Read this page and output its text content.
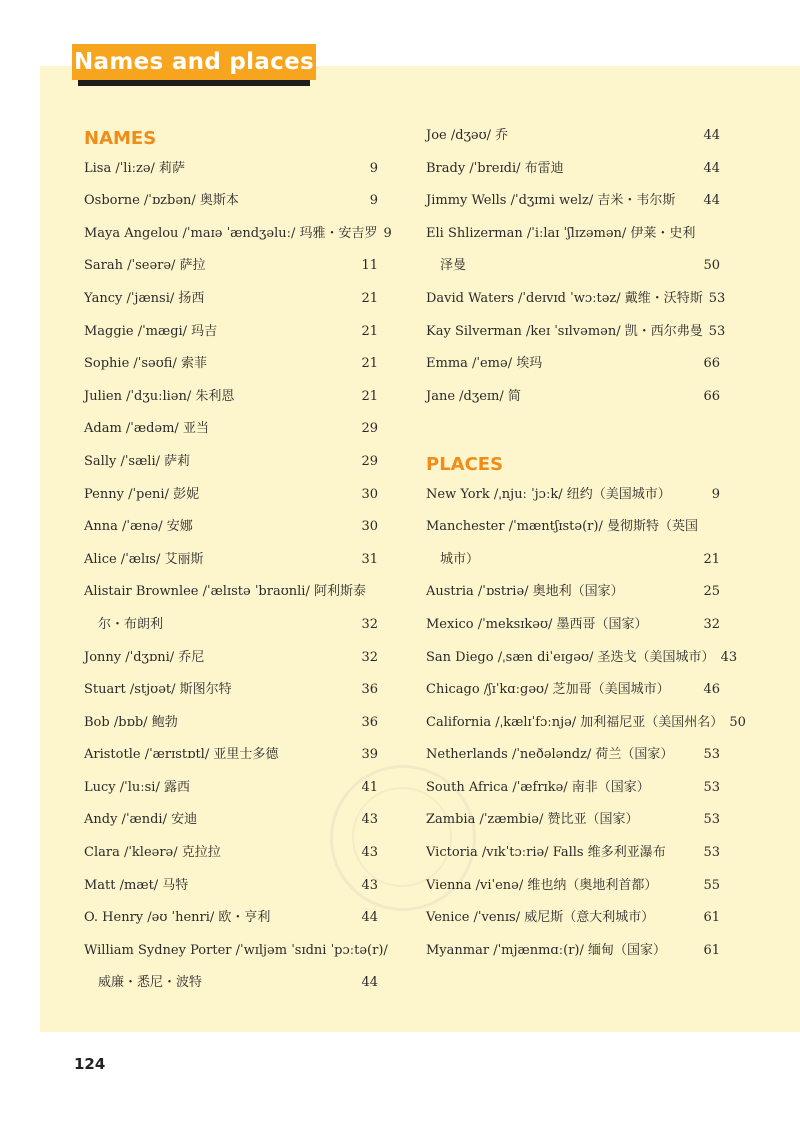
Names and places
NAMES
Lisa /ˈliːzə/ 莉萨	9
Osborne /ˈɒzbən/ 奥斯本	9
Maya Angelou /ˈmaɪə ˈændʒəluː/ 玛雅・安吉罗 9
Sarah /ˈseərə/ 萨拉	11
Yancy /ˈjænsi/ 扬西	21
Maggie /ˈmægi/ 玛吉	21
Sophie /ˈsəʊfi/ 索菲	21
Julien /ˈdʒuːliən/ 朱利恩	21
Adam /ˈædəm/ 亚当	29
Sally /ˈsæli/ 萨莉	29
Penny /ˈpeni/ 彭妮	30
Anna /ˈænə/ 安娜	30
Alice /ˈælɪs/ 艾丽斯	31
Alistair Brownlee /ˈælɪstə ˈbraʊnli/ 阿利斯泰
尔・布朗利	32
Jonny /ˈdʒɒni/ 乔尼	32
Stuart /stjʊət/ 斯图尔特	36
Bob /bɒb/ 鲍勃	36
Aristotle /ˈærɪstɒtl/ 亚里士多德	39
Lucy /ˈluːsi/ 露西	41
Andy /ˈændi/ 安迪	43
Clara /ˈkleərə/ 克拉拉	43
Matt /mæt/ 马特	43
O. Henry /əʊ ˈhenri/ 欧・亨利	44
William Sydney Porter /ˈwɪljəm ˈsɪdni ˈpɔːtə(r)/
威廉・悉尼・波特	44
Joe /dʒəʊ/ 乔	44
Brady /ˈbreɪdi/ 布雷迪	44
Jimmy Wells /ˈdʒɪmi welz/ 吉米・韦尔斯 44
Eli Shlizerman /ˈiːlaɪ ˈʃlɪzəmən/ 伊莱・史利
泽曼	50
David Waters /ˈdeɪvɪd ˈwɔːtəz/ 戴维・沃特斯 53
Kay Silverman /keɪ ˈsɪlvəmən/ 凯・西尔弗曼 53
Emma /ˈemə/ 埃玛	66
Jane /dʒeɪn/ 简	66
PLACES
New York /ˌnjuː ˈjɔːk/ 纽约（美国城市）	9
Manchester /ˈmæntʃɪstə(r)/ 曼彻斯特（英国
城市）	21
Austria /ˈɒstriə/ 奥地利（国家）	25
Mexico /ˈmeksɪkəʊ/ 墨西哥（国家）	32
San Diego /ˌsæn diˈeɪgəʊ/ 圣迭戈（美国城市） 43
Chicago /ʃɪˈkɑːgəʊ/ 芝加哥（美国城市）	46
California /ˌkælɪˈfɔːnjə/ 加利福尼亚（美国州名） 50
Netherlands /ˈneðələndz/ 荷兰（国家） 53
South Africa /ˈæfrɪkə/ 南非（国家）	53
Zambia /ˈzæmbiə/ 赞比亚（国家）	53
Victoria /vɪkˈtɔːriə/ Falls 维多利亚瀑布	53
Vienna /viˈenə/ 维也纳（奥地利首都）	55
Venice /ˈvenɪs/ 威尼斯（意大利城市）	61
Myanmar /ˈmjænmɑː(r)/ 缅甸（国家）	61
124
